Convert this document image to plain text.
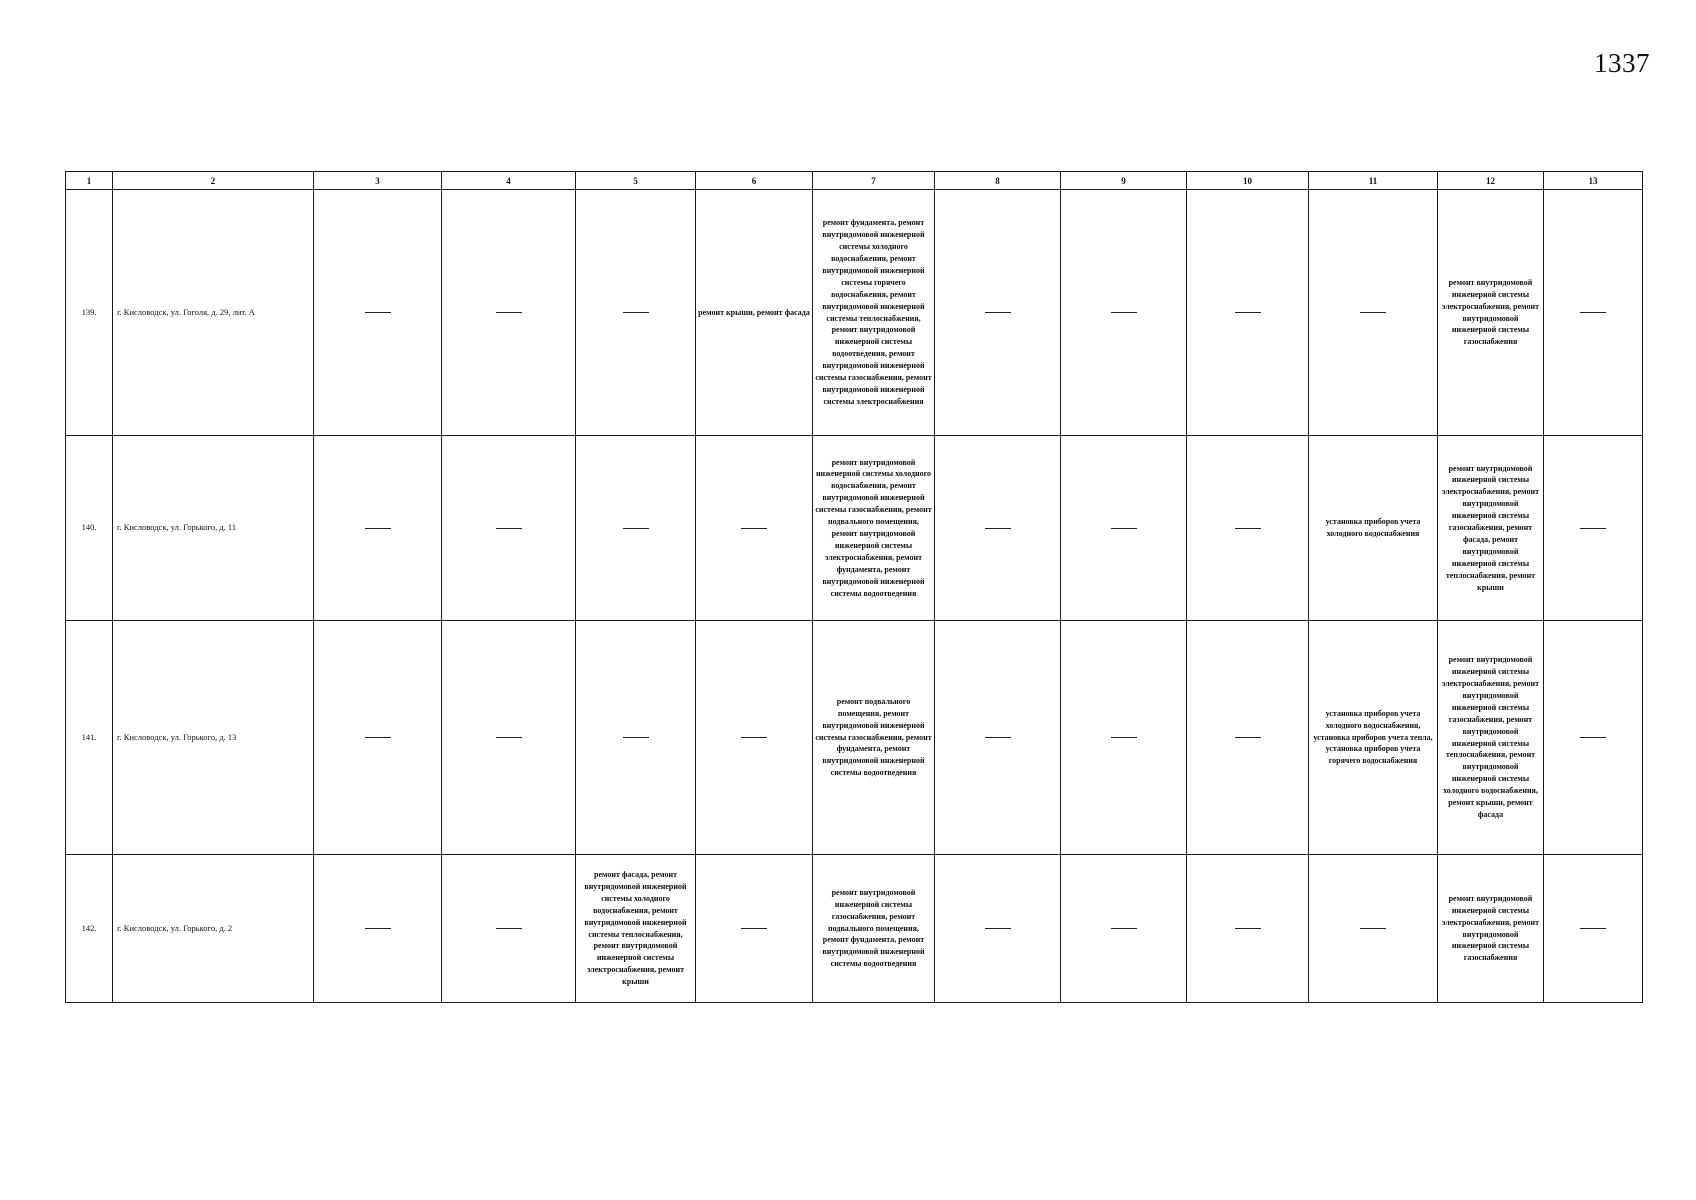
1337
1	2	3	4	5	6	7	8	9	10	11	12	13
139.	г. Кисловодск, ул. Гоголя, д. 29, лит. А				ремонт крыши, ремонт фасада	ремонт фундамента, ремонт внутридомовой инженерной системы холодного водоснабжения, ремонт внутридомовой инженерной системы горячего водоснабжения, ремонт внутридомовой инженерной системы теплоснабжения, ремонт внутридомовой инженерной системы водоотведения, ремонт внутридомовой инженерной системы газоснабжения, ремонт внутридомовой инженерной системы электроснабжения					ремонт внутридомовой инженерной системы электроснабжения, ремонт внутридомовой инженерной системы газоснабжения	
140.	г. Кисловодск, ул. Горького, д. 11					ремонт внутридомовой инженерной системы холодного водоснабжения, ремонт внутридомовой инженерной системы газоснабжения, ремонт подвального помещения, ремонт внутридомовой инженерной системы электроснабжения, ремонт фундамента, ремонт внутридомовой инженерной системы водоотведения				установка приборов учета холодного водоснабжения	ремонт внутридомовой инженерной системы электроснабжения, ремонт внутридомовой инженерной системы газоснабжения, ремонт фасада, ремонт внутридомовой инженерной системы теплоснабжения, ремонт крыши	
141.	г. Кисловодск, ул. Горького, д. 13					ремонт подвального помещения, ремонт внутридомовой инженерной системы газоснабжения, ремонт фундамента, ремонт внутридомовой инженерной системы водоотведения				установка приборов учета холодного водоснабжения, установка приборов учета тепла, установка приборов учета горячего водоснабжения	ремонт внутридомовой инженерной системы электроснабжения, ремонт внутридомовой инженерной системы газоснабжения, ремонт внутридомовой инженерной системы теплоснабжения, ремонт внутридомовой инженерной системы холодного водоснабжения, ремонт крыши, ремонт фасада	
142.	г. Кисловодск, ул. Горького, д. 2			ремонт фасада, ремонт внутридомовой инженерной системы холодного водоснабжения, ремонт внутридомовой инженерной системы теплоснабжения, ремонт внутридомовой инженерной системы электроснабжения, ремонт крыши		ремонт внутридомовой инженерной системы газоснабжения, ремонт подвального помещения, ремонт фундамента, ремонт внутридомовой инженерной системы водоотведения					ремонт внутридомовой инженерной системы электроснабжения, ремонт внутридомовой инженерной системы газоснабжения	
